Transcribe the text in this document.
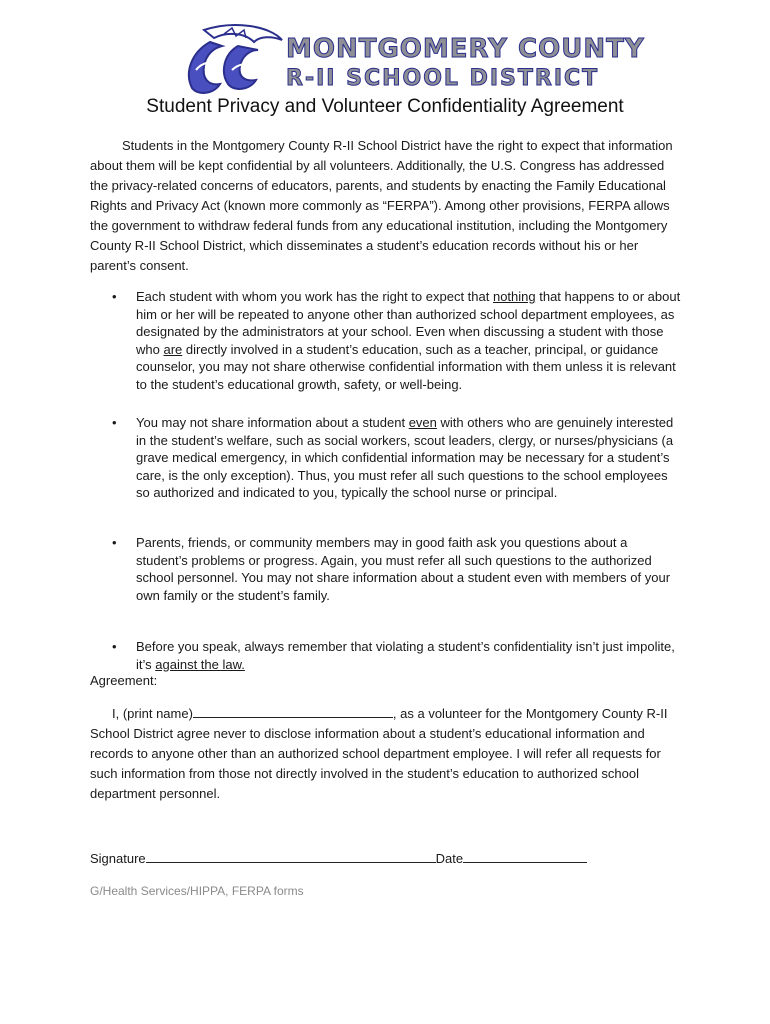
MONTGOMERY COUNTY
R-II SCHOOL DISTRICT
Student Privacy and Volunteer Confidentiality Agreement
Students in the Montgomery County R-II School District have the right to expect that information about them will be kept confidential by all volunteers. Additionally, the U.S. Congress has addressed the privacy-related concerns of educators, parents, and students by enacting the Family Educational Rights and Privacy Act (known more commonly as “FERPA”). Among other provisions, FERPA allows the government to withdraw federal funds from any educational institution, including the Montgomery County R-II School District, which disseminates a student’s education records without his or her parent’s consent.
• Each student with whom you work has the right to expect that nothing that happens to or about him or her will be repeated to anyone other than authorized school department employees, as designated by the administrators at your school. Even when discussing a student with those who are directly involved in a student’s education, such as a teacher, principal, or guidance counselor, you may not share otherwise confidential information with them unless it is relevant to the student’s educational growth, safety, or well-being.
• You may not share information about a student even with others who are genuinely interested in the student’s welfare, such as social workers, scout leaders, clergy, or nurses/physicians (a grave medical emergency, in which confidential information may be necessary for a student’s care, is the only exception). Thus, you must refer all such questions to the school employees so authorized and indicated to you, typically the school nurse or principal.
• Parents, friends, or community members may in good faith ask you questions about a student’s problems or progress. Again, you must refer all such questions to the authorized school personnel. You may not share information about a student even with members of your own family or the student’s family.
• Before you speak, always remember that violating a student’s confidentiality isn’t just impolite, it’s against the law.
Agreement:
I, (print name)	, as a volunteer for the Montgomery County R-II School District agree never to disclose information about a student’s educational information and records to anyone other than an authorized school department employee. I will refer all requests for such information from those not directly involved in the student’s education to authorized school department personnel.
Signature	Date
G/Health Services/HIPPA, FERPA forms
